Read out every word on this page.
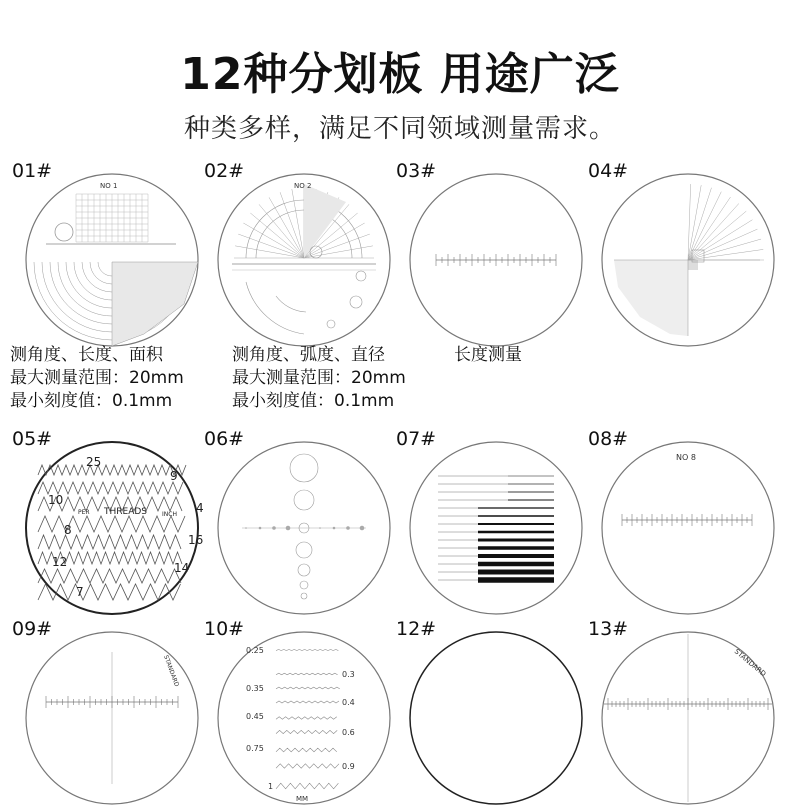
12种分划板 用途广泛
种类多样，满足不同领域测量需求。
01#
NO 1
02#
NO 2
03#	04#
测角度、长度、面积
最大测量范围：20mm
最小刻度值：0.1mm
测角度、弧度、直径
最大测量范围：20mm
最小刻度值：0.1mm
长度测量
05#
25
9
10
4
8
16
12	14
7
THREADS
PER	INCH
06#	07#	08#
NO 8
09#
STANDARD
10#
0.25
0.35
0.45
0.75
1
0.3
0.4
0.6
0.9
MM
12#	13#
STANDARD
